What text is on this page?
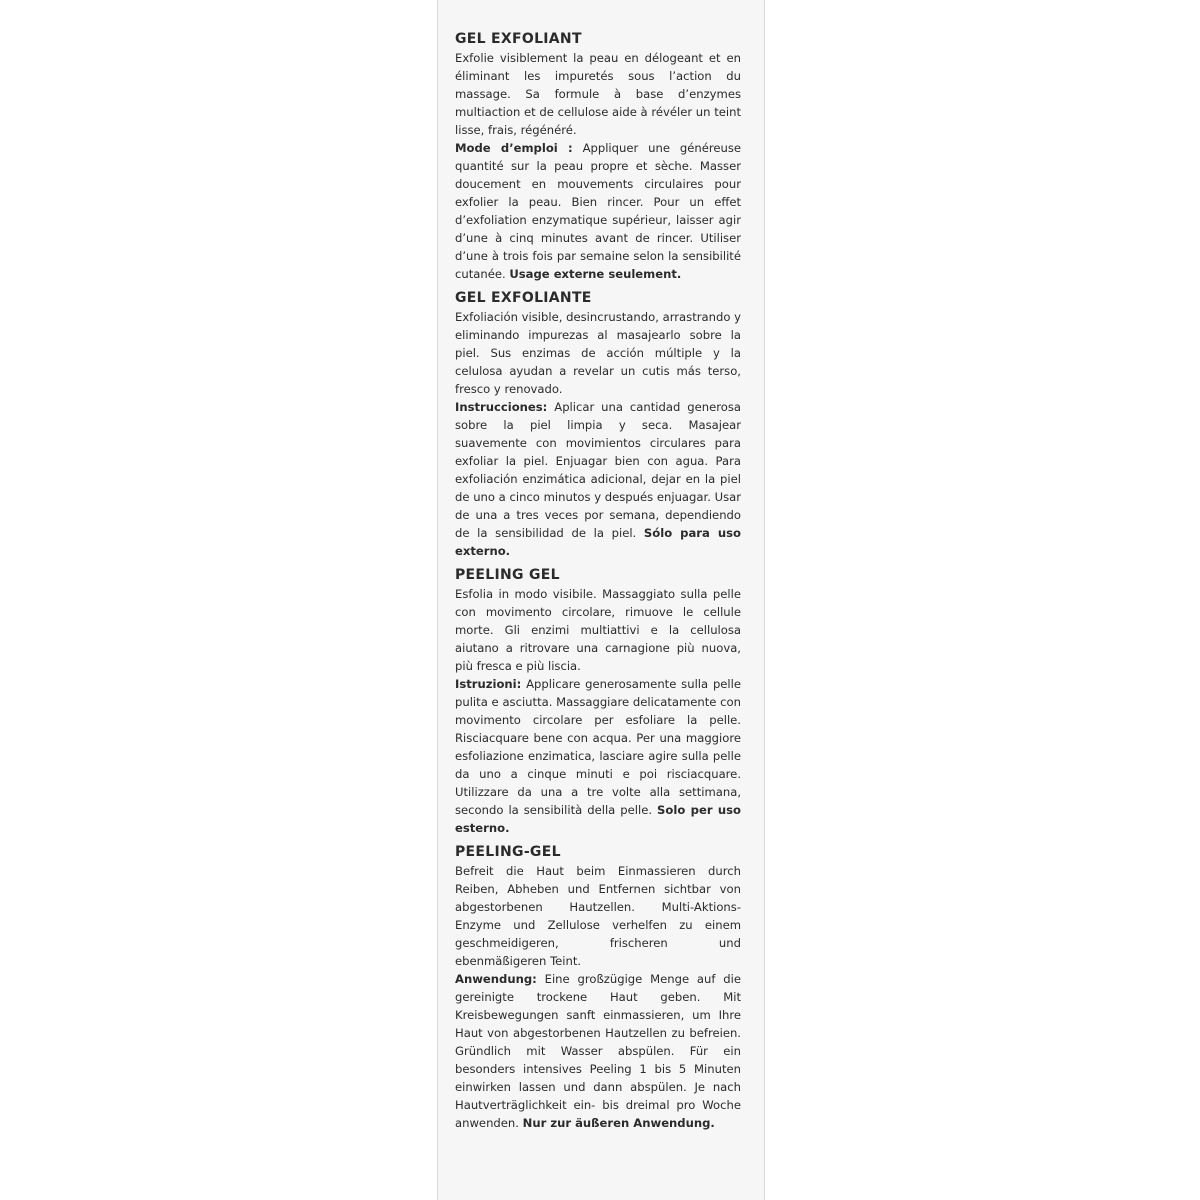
GEL EXFOLIANT

Exfolie visiblement la peau en délogeant et en éliminant les impuretés sous l’action du massage. Sa formule à base d’enzymes multiaction et de cellulose aide à révéler un teint lisse, frais, régénéré.

Mode d’emploi : Appliquer une généreuse quantité sur la peau propre et sèche. Masser doucement en mouvements circulaires pour exfolier la peau. Bien rincer. Pour un effet d’exfoliation enzymatique supérieur, laisser agir d’une à cinq minutes avant de rincer. Utiliser d’une à trois fois par semaine selon la sensibilité cutanée. Usage externe seulement.

GEL EXFOLIANTE

Exfoliación visible, desincrustando, arrastrando y eliminando impurezas al masajearlo sobre la piel. Sus enzimas de acción múltiple y la celulosa ayudan a revelar un cutis más terso, fresco y renovado.

Instrucciones: Aplicar una cantidad generosa sobre la piel limpia y seca. Masajear suavemente con movimientos circulares para exfoliar la piel. Enjuagar bien con agua. Para exfoliación enzimática adicional, dejar en la piel de uno a cinco minutos y después enjuagar. Usar de una a tres veces por semana, dependiendo de la sensibilidad de la piel. Sólo para uso externo.

PEELING GEL

Esfolia in modo visibile. Massaggiato sulla pelle con movimento circolare, rimuove le cellule morte. Gli enzimi multiattivi e la cellulosa aiutano a ritrovare una carnagione più nuova, più fresca e più liscia.

Istruzioni: Applicare generosamente sulla pelle pulita e asciutta. Massaggiare delicatamente con movimento circolare per esfoliare la pelle. Risciacquare bene con acqua. Per una maggiore esfoliazione enzimatica, lasciare agire sulla pelle da uno a cinque minuti e poi risciacquare. Utilizzare da una a tre volte alla settimana, secondo la sensibilità della pelle. Solo per uso esterno.

PEELING-GEL

Befreit die Haut beim Einmassieren durch Reiben, Abheben und Entfernen sichtbar von abgestorbenen Hautzellen. Multi-Aktions-Enzyme und Zellulose verhelfen zu einem geschmeidigeren, frischeren und ebenmäßigeren Teint.

Anwendung: Eine großzügige Menge auf die gereinigte trockene Haut geben. Mit Kreisbewegungen sanft einmassieren, um Ihre Haut von abgestorbenen Hautzellen zu befreien. Gründlich mit Wasser abspülen. Für ein besonders intensives Peeling 1 bis 5 Minuten einwirken lassen und dann abspülen. Je nach Hautverträglichkeit ein- bis dreimal pro Woche anwenden. Nur zur äußeren Anwendung.
